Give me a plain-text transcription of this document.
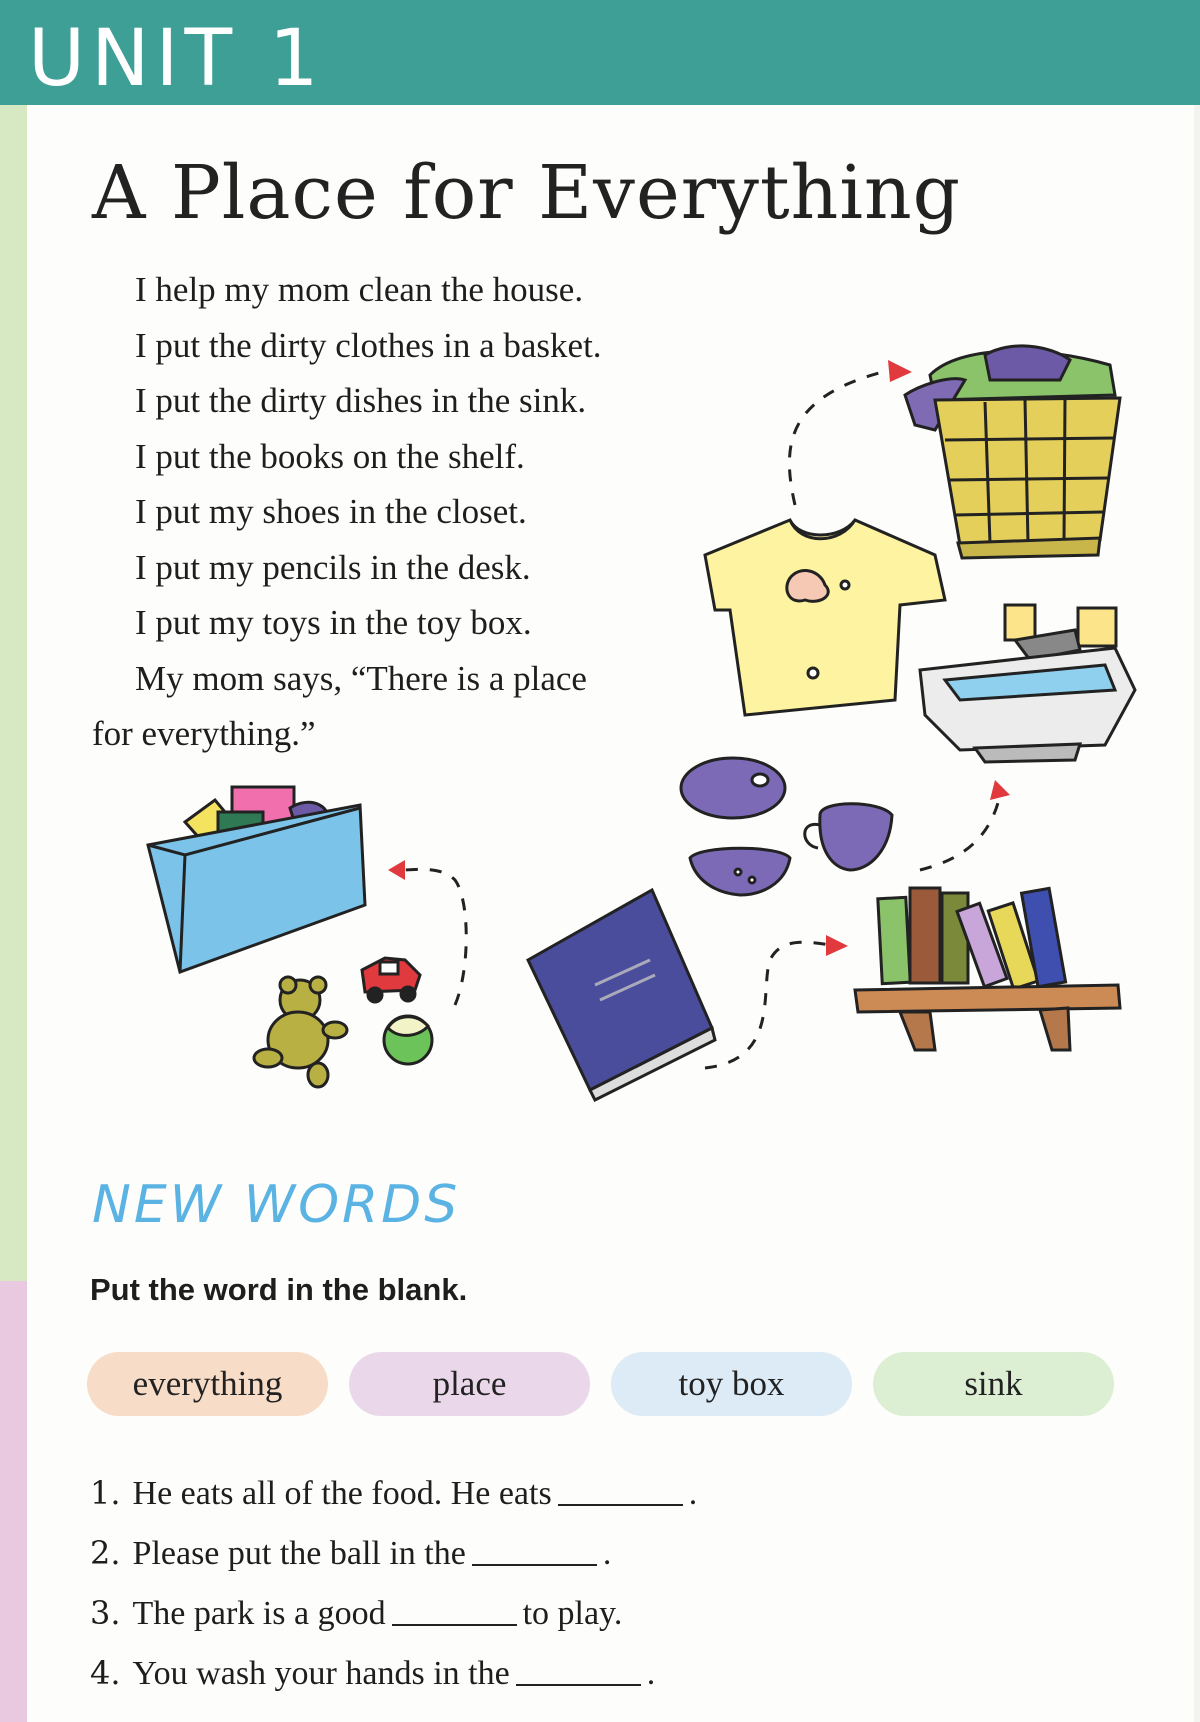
UNIT 1
A Place for Everything
I help my mom clean the house.
I put the dirty clothes in a basket.
I put the dirty dishes in the sink.
I put the books on the shelf.
I put my shoes in the closet.
I put my pencils in the desk.
I put my toys in the toy box.
My mom says, “There is a place
for everything.”
NEW WORDS
Put the word in the blank.
everything	place	toy box	sink
1. He eats all of the food. He eats	.
2. Please put the ball in the	.
3. The park is a good	to play.
4. You wash your hands in the	.
